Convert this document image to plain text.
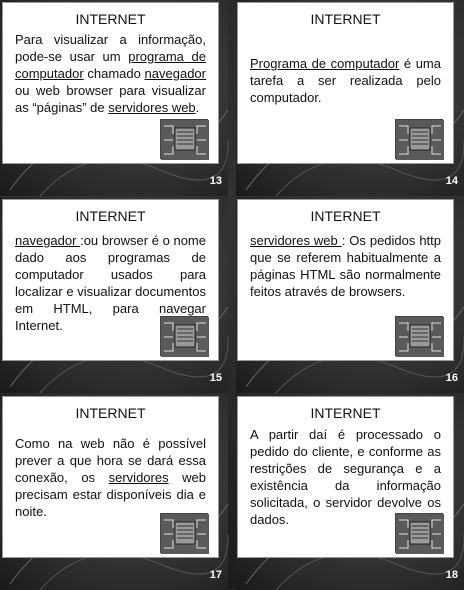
INTERNET
Para visualizar a informação, pode-se usar um programa de computador chamado navegador ou web browser para visualizar as “páginas” de servidores web.
13
INTERNET
Programa de computador é uma tarefa a ser realizada pelo computador.
14
INTERNET
navegador :ou browser é o nome dado aos programas de computador usados para localizar e visualizar documentos em HTML, para navegar Internet.
15
INTERNET
servidores web : Os pedidos http que se referem habitualmente a páginas HTML são normalmente feitos através de browsers.
16
INTERNET
Como na web não é possível prever a que hora se dará essa conexão, os servidores web precisam estar disponíveis dia e noite.
17
INTERNET
A partir daí é processado o pedido do cliente, e conforme as restrições de segurança e a existência da informação solicitada, o servidor devolve os dados.
18
